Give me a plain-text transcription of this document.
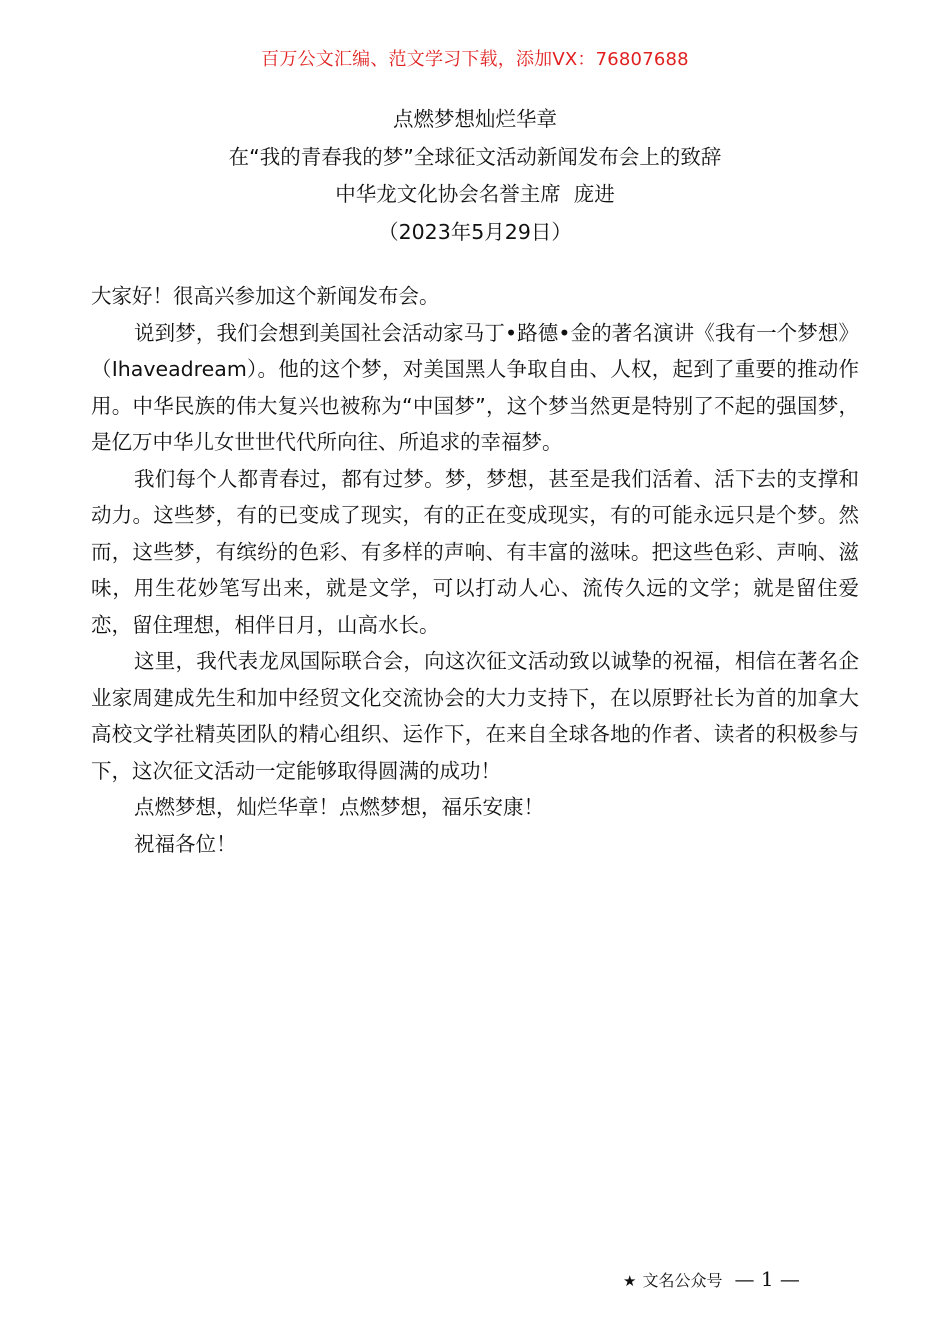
百万公文汇编、范文学习下载，添加VX：76807688
点燃梦想灿烂华章
在“我的青春我的梦”全球征文活动新闻发布会上的致辞
中华龙文化协会名誉主席  庞进
（2023年5月29日）

大家好！很高兴参加这个新闻发布会。

说到梦，我们会想到美国社会活动家马丁•路德•金的著名演讲《我有一个梦想》（Ihaveadream）。他的这个梦，对美国黑人争取自由、人权，起到了重要的推动作用。中华民族的伟大复兴也被称为“中国梦”，这个梦当然更是特别了不起的强国梦，是亿万中华儿女世世代代所向往、所追求的幸福梦。

我们每个人都青春过，都有过梦。梦，梦想，甚至是我们活着、活下去的支撑和动力。这些梦，有的已变成了现实，有的正在变成现实，有的可能永远只是个梦。然而，这些梦，有缤纷的色彩、有多样的声响、有丰富的滋味。把这些色彩、声响、滋味，用生花妙笔写出来，就是文学，可以打动人心、流传久远的文学；就是留住爱恋，留住理想，相伴日月，山高水长。

这里，我代表龙凤国际联合会，向这次征文活动致以诚挚的祝福，相信在著名企业家周建成先生和加中经贸文化交流协会的大力支持下，在以原野社长为首的加拿大高校文学社精英团队的精心组织、运作下，在来自全球各地的作者、读者的积极参与下，这次征文活动一定能够取得圆满的成功！

点燃梦想，灿烂华章！点燃梦想，福乐安康！

祝福各位！

★ 文名公众号 — 1 —
